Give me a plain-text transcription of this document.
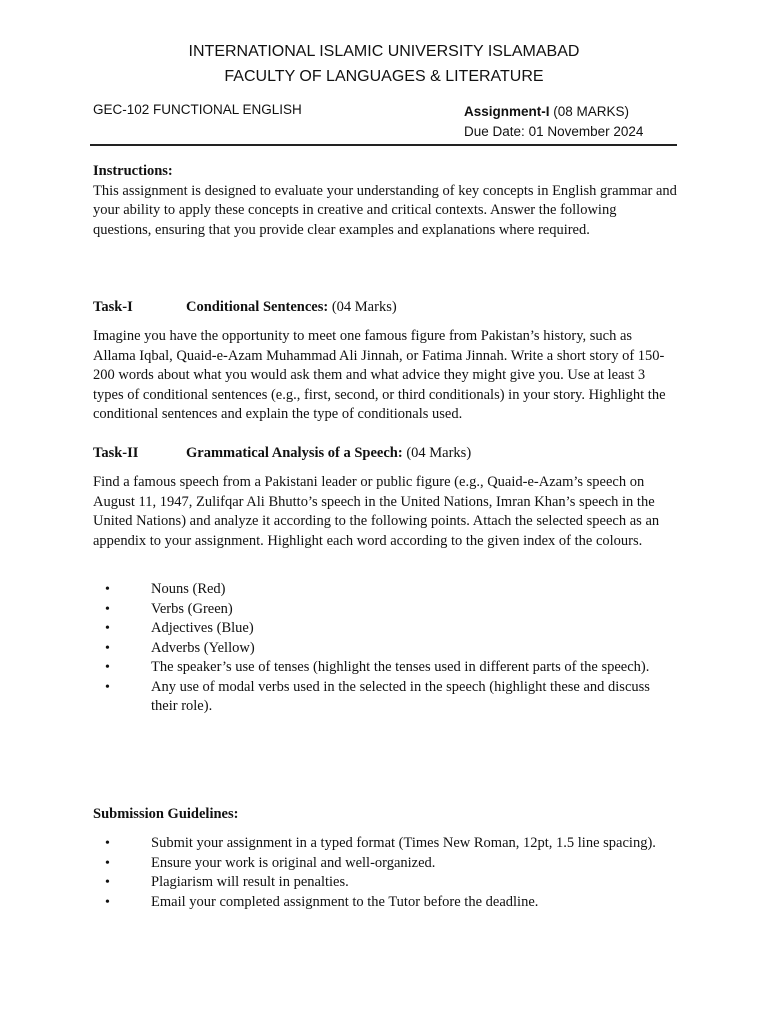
INTERNATIONAL ISLAMIC UNIVERSITY ISLAMABAD
FACULTY OF LANGUAGES & LITERATURE
GEC-102 FUNCTIONAL ENGLISH	Assignment-I (08 MARKS)
Due Date: 01 November 2024
Instructions:
This assignment is designed to evaluate your understanding of key concepts in English grammar and your ability to apply these concepts in creative and critical contexts. Answer the following questions, ensuring that you provide clear examples and explanations where required.
Task-I	Conditional Sentences: (04 Marks)
Imagine you have the opportunity to meet one famous figure from Pakistan’s history, such as Allama Iqbal, Quaid-e-Azam Muhammad Ali Jinnah, or Fatima Jinnah. Write a short story of 150-200 words about what you would ask them and what advice they might give you. Use at least 3 types of conditional sentences (e.g., first, second, or third conditionals) in your story. Highlight the conditional sentences and explain the type of conditionals used.
Task-II	Grammatical Analysis of a Speech: (04 Marks)
Find a famous speech from a Pakistani leader or public figure (e.g., Quaid-e-Azam’s speech on August 11, 1947, Zulifqar Ali Bhutto’s speech in the United Nations, Imran Khan’s speech in the United Nations) and analyze it according to the following points. Attach the selected speech as an appendix to your assignment. Highlight each word according to the given index of the colours.
•	Nouns (Red)
•	Verbs (Green)
•	Adjectives (Blue)
•	Adverbs (Yellow)
•	The speaker’s use of tenses (highlight the tenses used in different parts of the speech).
•	Any use of modal verbs used in the selected in the speech (highlight these and discuss their role).
Submission Guidelines:
•	Submit your assignment in a typed format (Times New Roman, 12pt, 1.5 line spacing).
•	Ensure your work is original and well-organized.
•	Plagiarism will result in penalties.
•	Email your completed assignment to the Tutor before the deadline.
